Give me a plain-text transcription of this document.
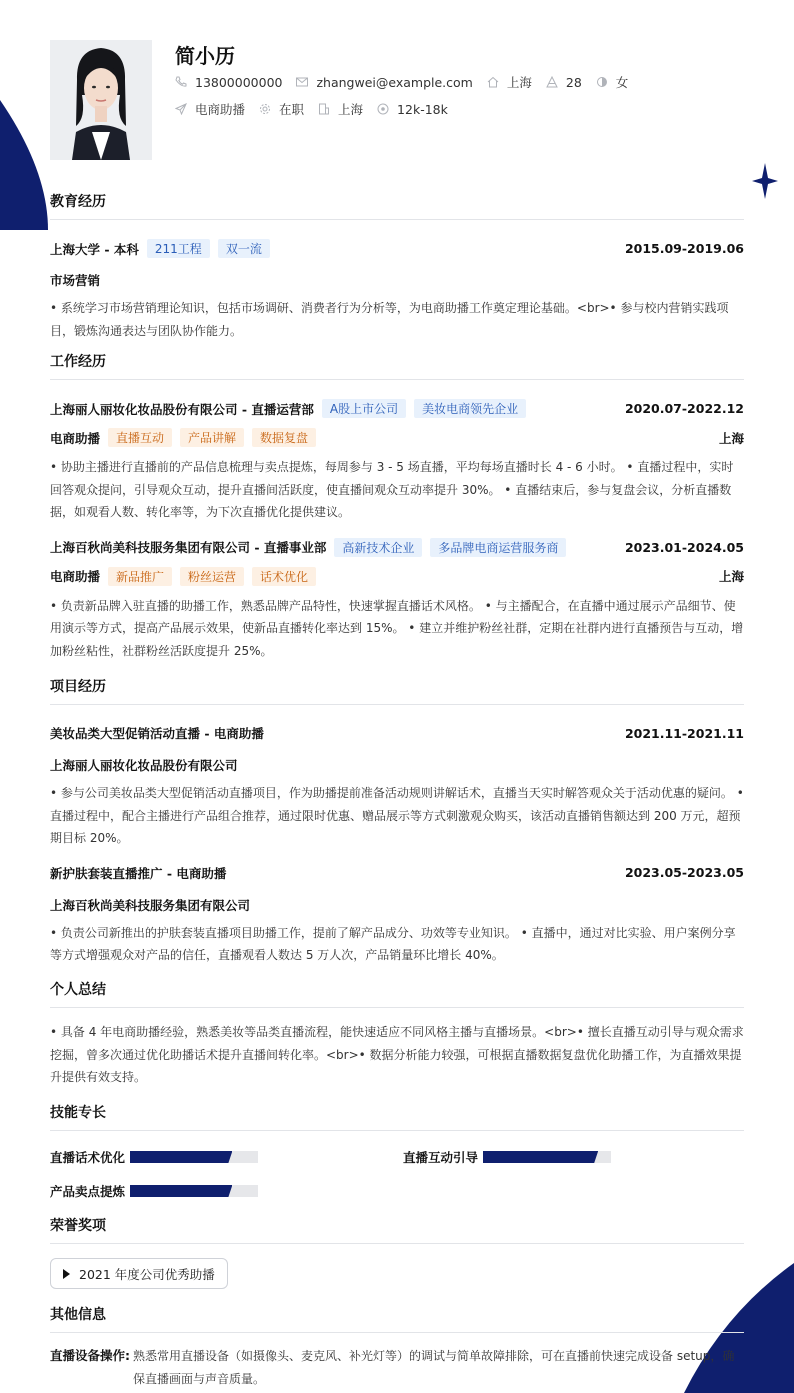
简小历
13800000000	zhangwei@example.com	上海	28	女
电商助播	在职	上海	12k-18k
教育经历
上海大学 - 本科	211工程	双一流	2015.09-2019.06
市场营销
• 系统学习市场营销理论知识，包括市场调研、消费者行为分析等，为电商助播工作奠定理论基础。<br>• 参与校内营销实践项目，锻炼沟通表达与团队协作能力。
工作经历
上海丽人丽妆化妆品股份有限公司 - 直播运营部	A股上市公司	美妆电商领先企业	2020.07-2022.12
电商助播	直播互动	产品讲解	数据复盘	上海
• 协助主播进行直播前的产品信息梳理与卖点提炼，每周参与 3 - 5 场直播，平均每场直播时长 4 - 6 小时。 • 直播过程中，实时回答观众提问，引导观众互动，提升直播间活跃度，使直播间观众互动率提升 30%。 • 直播结束后，参与复盘会议，分析直播数据，如观看人数、转化率等，为下次直播优化提供建议。
上海百秋尚美科技服务集团有限公司 - 直播事业部	高新技术企业	多品牌电商运营服务商	2023.01-2024.05
电商助播	新品推广	粉丝运营	话术优化	上海
• 负责新品牌入驻直播的助播工作，熟悉品牌产品特性，快速掌握直播话术风格。 • 与主播配合，在直播中通过展示产品细节、使用演示等方式，提高产品展示效果，使新品直播转化率达到 15%。 • 建立并维护粉丝社群，定期在社群内进行直播预告与互动，增加粉丝粘性，社群粉丝活跃度提升 25%。
项目经历
美妆品类大型促销活动直播 - 电商助播	2021.11-2021.11
上海丽人丽妆化妆品股份有限公司
• 参与公司美妆品类大型促销活动直播项目，作为助播提前准备活动规则讲解话术，直播当天实时解答观众关于活动优惠的疑问。 • 直播过程中，配合主播进行产品组合推荐，通过限时优惠、赠品展示等方式刺激观众购买，该活动直播销售额达到 200 万元，超预期目标 20%。
新护肤套装直播推广 - 电商助播	2023.05-2023.05
上海百秋尚美科技服务集团有限公司
• 负责公司新推出的护肤套装直播项目助播工作，提前了解产品成分、功效等专业知识。 • 直播中，通过对比实验、用户案例分享等方式增强观众对产品的信任，直播观看人数达 5 万人次，产品销量环比增长 40%。
个人总结
• 具备 4 年电商助播经验，熟悉美妆等品类直播流程，能快速适应不同风格主播与直播场景。<br>• 擅长直播互动引导与观众需求挖掘，曾多次通过优化助播话术提升直播间转化率。<br>• 数据分析能力较强，可根据直播数据复盘优化助播工作，为直播效果提升提供有效支持。
技能专长
直播话术优化	直播互动引导
产品卖点提炼
荣誉奖项
2021 年度公司优秀助播
其他信息
直播设备操作: 熟悉常用直播设备（如摄像头、麦克风、补光灯等）的调试与简单故障排除，可在直播前快速完成设备 setup，确保直播画面与声音质量。
